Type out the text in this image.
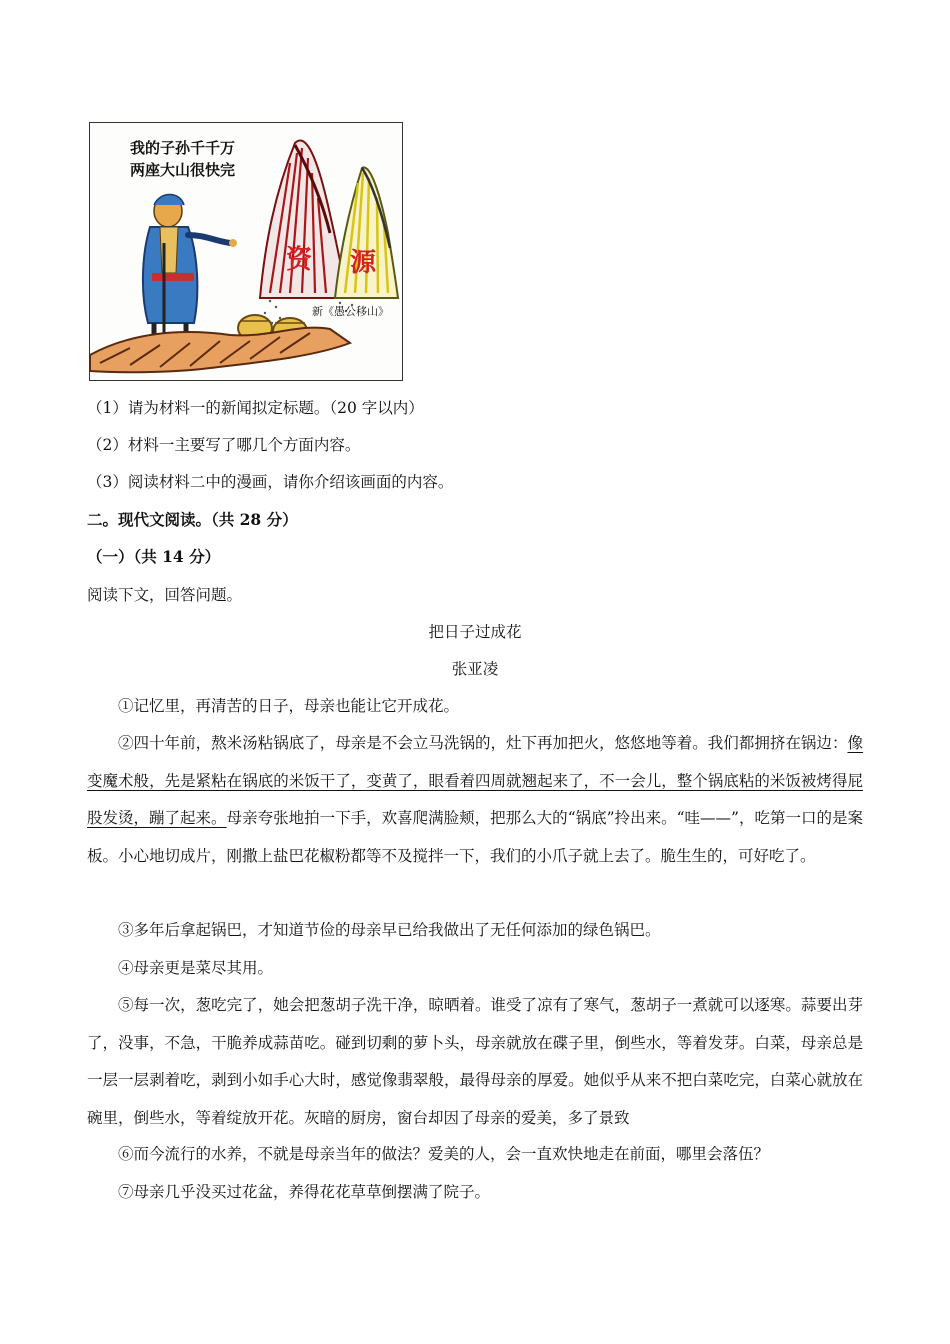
我的子孙千千万
两座大山很快完
资 源
新《愚公移山》
（1）请为材料一的新闻拟定标题。（20 字以内）
（2）材料一主要写了哪几个方面内容。
（3）阅读材料二中的漫画，请你介绍该画面的内容。
二。现代文阅读。（共 28 分）
（一）（共 14 分）
阅读下文，回答问题。
把日子过成花
张亚凌
①记忆里，再清苦的日子，母亲也能让它开成花。
②四十年前，熬米汤粘锅底了，母亲是不会立马洗锅的，灶下再加把火，悠悠地等着。我们都拥挤在锅边：像变魔术般，先是紧粘在锅底的米饭干了，变黄了，眼看着四周就翘起来了，不一会儿，整个锅底粘的米饭被烤得屁股发烫，蹦了起来。母亲夸张地拍一下手，欢喜爬满脸颊，把那么大的“锅底”拎出来。“哇——”，吃第一口的是案板。小心地切成片，刚撒上盐巴花椒粉都等不及搅拌一下，我们的小爪子就上去了。脆生生的，可好吃了。
③多年后拿起锅巴，才知道节俭的母亲早已给我做出了无任何添加的绿色锅巴。
④母亲更是菜尽其用。
⑤每一次，葱吃完了，她会把葱胡子洗干净，晾晒着。谁受了凉有了寒气，葱胡子一煮就可以逐寒。蒜要出芽了，没事，不急，干脆养成蒜苗吃。碰到切剩的萝卜头，母亲就放在碟子里，倒些水，等着发芽。白菜，母亲总是一层一层剥着吃，剥到小如手心大时，感觉像翡翠般，最得母亲的厚爱。她似乎从来不把白菜吃完，白菜心就放在碗里，倒些水，等着绽放开花。灰暗的厨房，窗台却因了母亲的爱美，多了景致
⑥而今流行的水养，不就是母亲当年的做法？爱美的人，会一直欢快地走在前面，哪里会落伍？
⑦母亲几乎没买过花盆，养得花花草草倒摆满了院子。
